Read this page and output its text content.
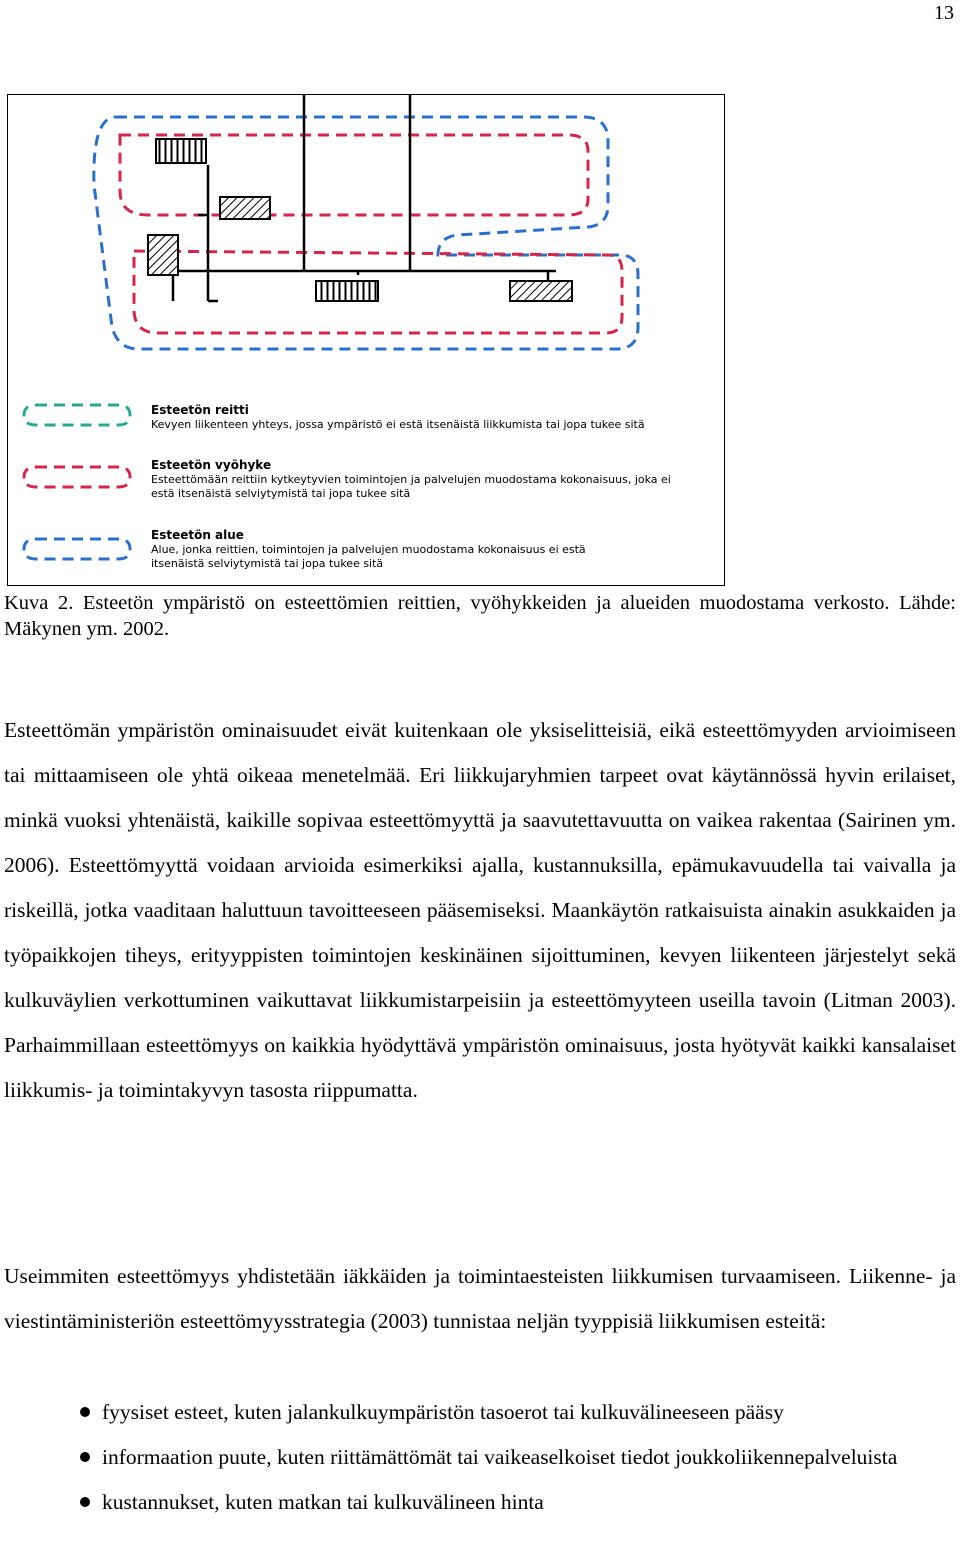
13
Esteetön reitti
Kevyen liikenteen yhteys, jossa ympäristö ei estä itsenäistä liikkumista tai jopa tukee sitä
Esteetön vyöhyke
Esteettömään reittiin kytkeytyvien toimintojen ja palvelujen muodostama kokonaisuus, joka ei estä itsenäistä selviytymistä tai jopa tukee sitä
Esteetön alue
Alue, jonka reittien, toimintojen ja palvelujen muodostama kokonaisuus ei estä itsenäistä selviytymistä tai jopa tukee sitä
Kuva 2. Esteetön ympäristö on esteettömien reittien, vyöhykkeiden ja alueiden muodostama verkosto. Lähde: Mäkynen ym. 2002.
Esteettömän ympäristön ominaisuudet eivät kuitenkaan ole yksiselitteisiä, eikä esteettömyyden arvioimiseen tai mittaamiseen ole yhtä oikeaa menetelmää. Eri liikkujaryhmien tarpeet ovat käytännössä hyvin erilaiset, minkä vuoksi yhtenäistä, kaikille sopivaa esteettömyyttä ja saavutettavuutta on vaikea rakentaa (Sairinen ym. 2006). Esteettömyyttä voidaan arvioida esimerkiksi ajalla, kustannuksilla, epämukavuudella tai vaivalla ja riskeillä, jotka vaaditaan haluttuun tavoitteeseen pääsemiseksi. Maankäytön ratkaisuista ainakin asukkaiden ja työpaikkojen tiheys, erityyppisten toimintojen keskinäinen sijoittuminen, kevyen liikenteen järjestelyt sekä kulkuväylien verkottuminen vaikuttavat liikkumistarpeisiin ja esteettömyyteen useilla tavoin (Litman 2003). Parhaimmillaan esteettömyys on kaikkia hyödyttävä ympäristön ominaisuus, josta hyötyvät kaikki kansalaiset liikkumis- ja toimintakyvyn tasosta riippumatta.
Useimmiten esteettömyys yhdistetään iäkkäiden ja toimintaesteisten liikkumisen turvaamiseen. Liikenne- ja viestintäministeriön esteettömyysstrategia (2003) tunnistaa neljän tyyppisiä liikkumisen esteitä:
fyysiset esteet, kuten jalankulkuympäristön tasoerot tai kulkuvälineeseen pääsy
informaation puute, kuten riittämättömät tai vaikeaselkoiset tiedot joukkoliikennepalveluista
kustannukset, kuten matkan tai kulkuvälineen hinta
